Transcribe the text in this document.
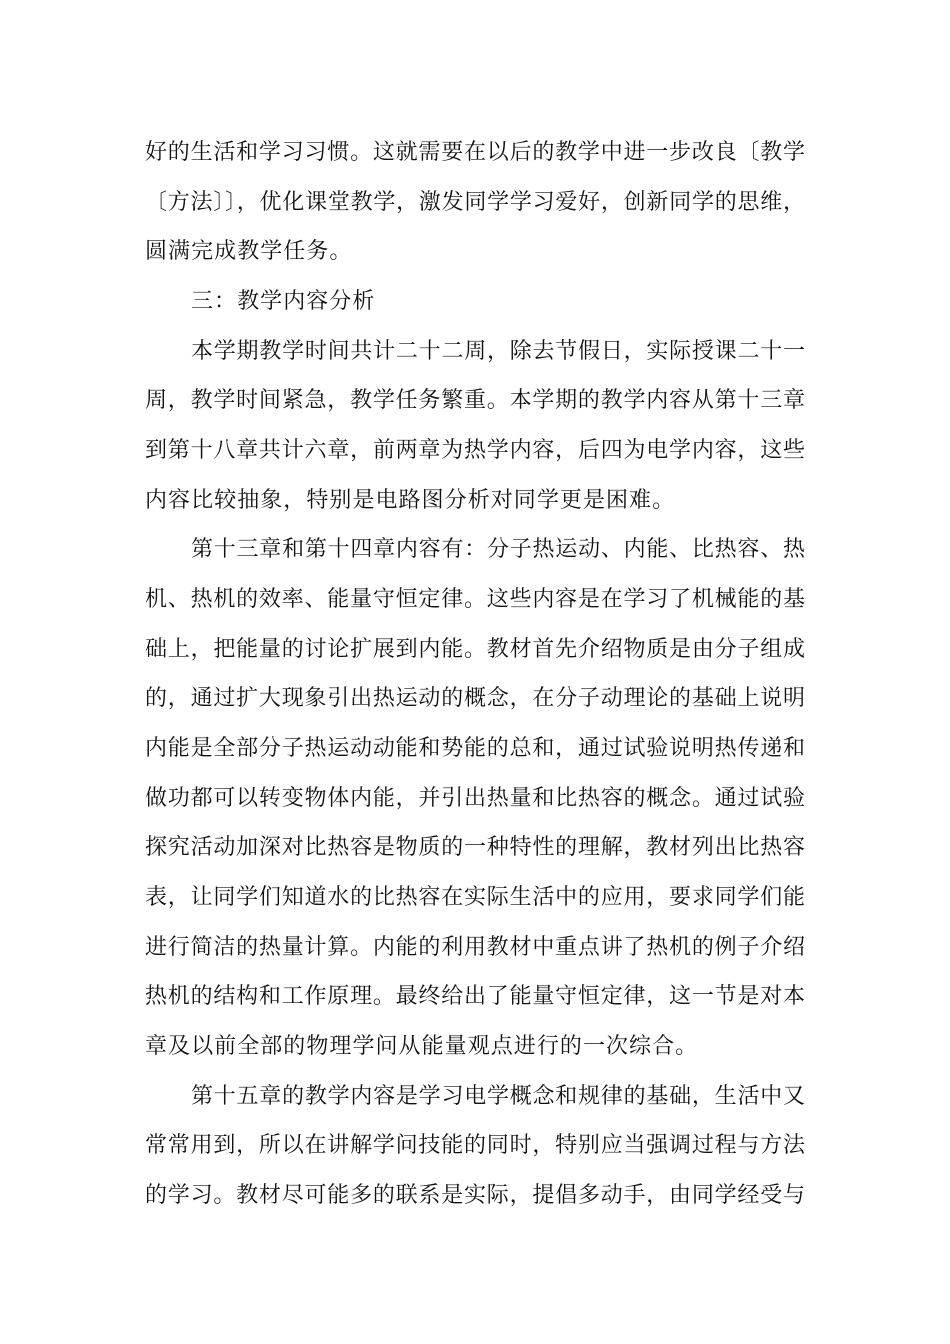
好的生活和学习习惯。这就需要在以后的教学中进一步改良〔教学
〔方法〕〕，优化课堂教学，激发同学学习爱好，创新同学的思维，
圆满完成教学任务。
三：教学内容分析
本学期教学时间共计二十二周，除去节假日，实际授课二十一
周，教学时间紧急，教学任务繁重。本学期的教学内容从第十三章
到第十八章共计六章，前两章为热学内容，后四为电学内容，这些
内容比较抽象，特别是电路图分析对同学更是困难。
第十三章和第十四章内容有：分子热运动、内能、比热容、热
机、热机的效率、能量守恒定律。这些内容是在学习了机械能的基
础上，把能量的讨论扩展到内能。教材首先介绍物质是由分子组成
的，通过扩大现象引出热运动的概念，在分子动理论的基础上说明
内能是全部分子热运动动能和势能的总和，通过试验说明热传递和
做功都可以转变物体内能，并引出热量和比热容的概念。通过试验
探究活动加深对比热容是物质的一种特性的理解，教材列出比热容
表，让同学们知道水的比热容在实际生活中的应用，要求同学们能
进行简洁的热量计算。内能的利用教材中重点讲了热机的例子介绍
热机的结构和工作原理。最终给出了能量守恒定律，这一节是对本
章及以前全部的物理学问从能量观点进行的一次综合。
第十五章的教学内容是学习电学概念和规律的基础，生活中又
常常用到，所以在讲解学问技能的同时，特别应当强调过程与方法
的学习。教材尽可能多的联系是实际，提倡多动手，由同学经受与
